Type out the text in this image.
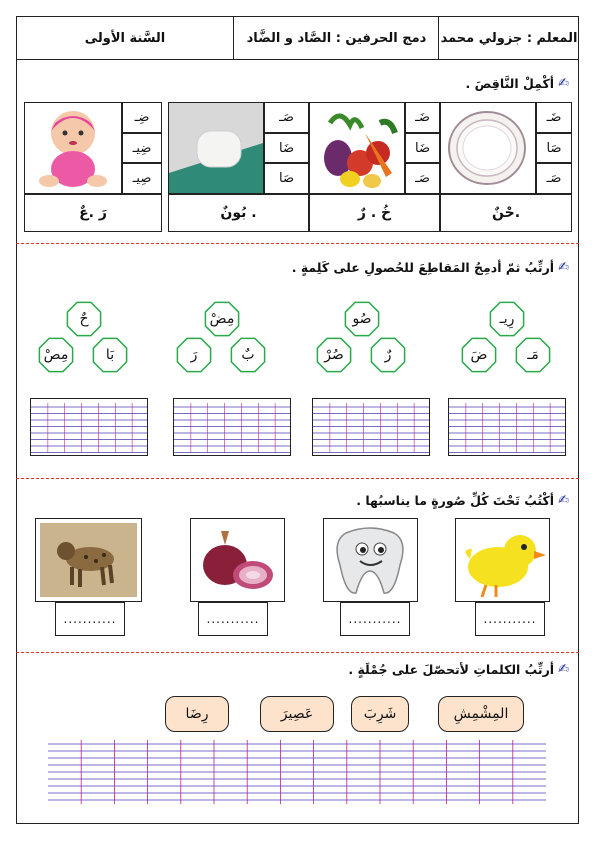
المعلم : جزولي محمد
دمج الحرفين : الصَّاد و الضَّاد
السَّنة الأولى
✍
أكْمِلْ النَّاقِصَ .
ضَـ
صَا
صَـ
.حْنٌ
ضَـ
ضَا
صَـ
خُ . رٌ
صَـ
ضَا
صَا
. بُونٌ
ضِـ
ضِيـ
صِيـ
رَ .عٌ
✍
أرتِّبُ ثمّ أدمِجُ المَقاطِعَ للحُصولِ على كَلِمةٍ .
رِيـ
ضَ	مَـ
صُو
صُرْ	رٌ
مِضْ
رَ	بٌ
حٌ
مِصْ	بَا
✍
أكْتُبُ تَحْتَ كُلِّ صُورةٍ ما يناسبُها .
...........
...........
...........
...........
✍
أرتِّبُ الكلماتِ لأتحصّلَ على جُمْلَةٍ .
المِشْمِشِ
شَرِبَ
عَصِيرَ
رِضَا
